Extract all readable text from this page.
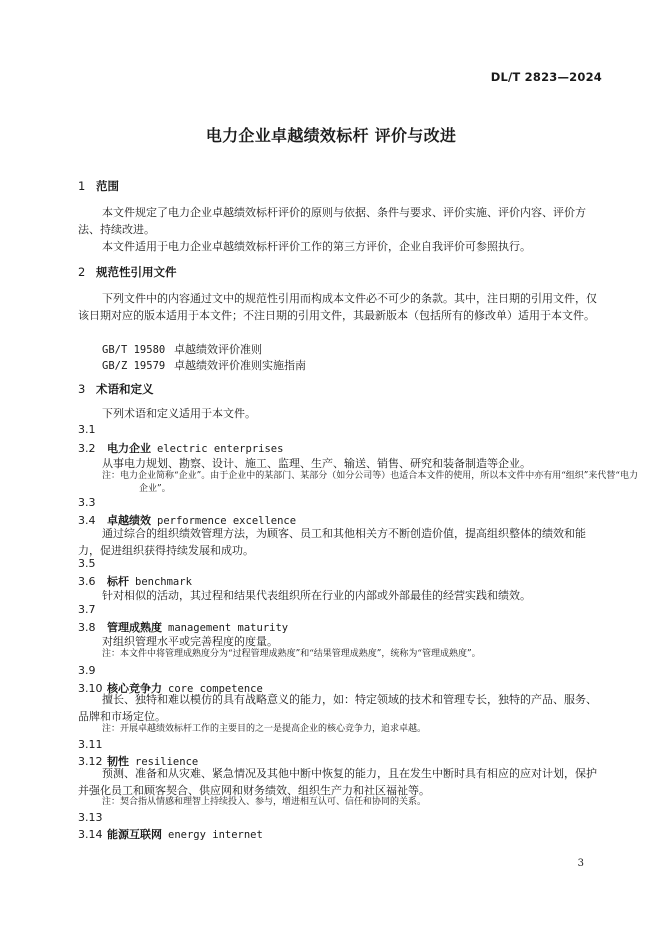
DL/T 2823—2024
电力企业卓越绩效标杆 评价与改进
1 范围
本文件规定了电力企业卓越绩效标杆评价的原则与依据、条件与要求、评价实施、评价内容、评价方法、持续改进。
本文件适用于电力企业卓越绩效标杆评价工作的第三方评价，企业自我评价可参照执行。
2 规范性引用文件
下列文件中的内容通过文中的规范性引用而构成本文件必不可少的条款。其中，注日期的引用文件，仅该日期对应的版本适用于本文件；不注日期的引用文件，其最新版本（包括所有的修改单）适用于本文件。
GB/T 19580 卓越绩效评价准则
GB/Z 19579 卓越绩效评价准则实施指南
3 术语和定义
下列术语和定义适用于本文件。
3.1
3.2 电力企业 electric enterprises
从事电力规划、勘察、设计、施工、监理、生产、输送、销售、研究和装备制造等企业。
注：电力企业简称“企业”。由于企业中的某部门、某部分（如分公司等）也适合本文件的使用，所以本文件中亦有用“组织”来代替“电力企业”。
3.3
3.4 卓越绩效 performence excellence
通过综合的组织绩效管理方法，为顾客、员工和其他相关方不断创造价值，提高组织整体的绩效和能力，促进组织获得持续发展和成功。
3.5
3.6 标杆 benchmark
针对相似的活动，其过程和结果代表组织所在行业的内部或外部最佳的经营实践和绩效。
3.7
3.8 管理成熟度 management maturity
对组织管理水平或完善程度的度量。
注：本文件中将管理成熟度分为“过程管理成熟度”和“结果管理成熟度”，统称为“管理成熟度”。
3.9
3.10 核心竞争力 core competence
擅长、独特和难以模仿的具有战略意义的能力，如：特定领域的技术和管理专长，独特的产品、服务、品牌和市场定位。
注：开展卓越绩效标杆工作的主要目的之一是提高企业的核心竞争力，追求卓越。
3.11
3.12 韧性 resilience
预测、准备和从灾难、紧急情况及其他中断中恢复的能力，且在发生中断时具有相应的应对计划，保护并强化员工和顾客契合、供应网和财务绩效、组织生产力和社区福祉等。
注：契合指从情感和理智上持续投入、参与，增进相互认可、信任和协同的关系。
3.13
3.14 能源互联网 energy internet
3
